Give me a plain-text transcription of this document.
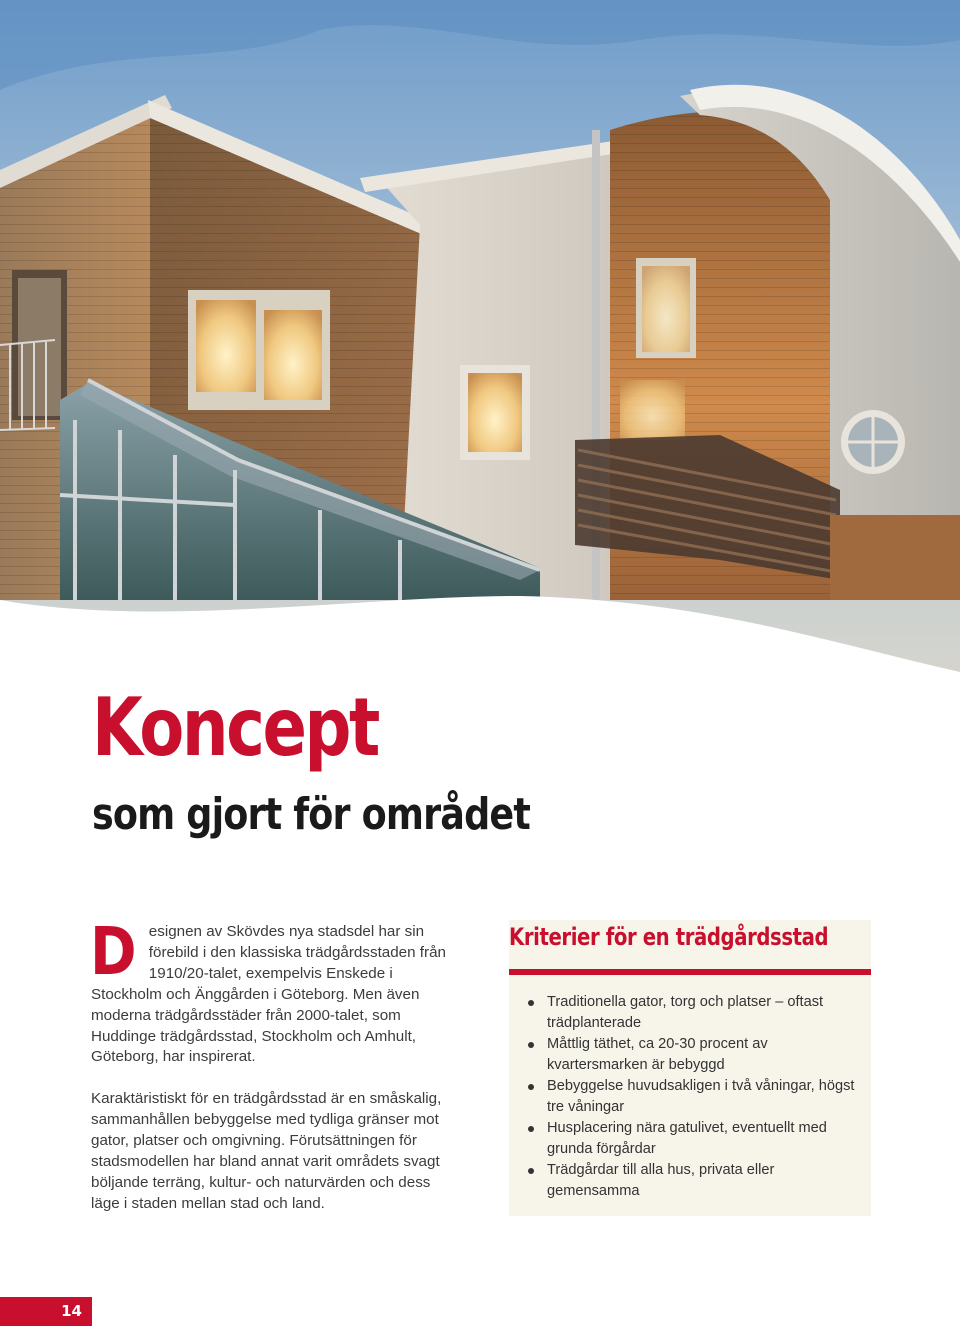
Koncept
som gjort för området

Designen av Skövdes nya stadsdel har sin förebild i den klassiska trädgårdsstaden från 1910/20-talet, exempelvis Enskede i Stockholm och Änggården i Göteborg. Men även moderna trädgårdsstäder från 2000-talet, som Huddinge trädgårdsstad, Stockholm och Amhult, Göteborg, har inspirerat.

Karaktäristiskt för en trädgårdsstad är en småskalig, sammanhållen bebyggelse med tydliga gränser mot gator, platser och omgivning. Förutsättningen för stadsmodellen har bland annat varit områdets svagt böljande terräng, kultur- och naturvärden och dess läge i staden mellan stad och land.

Kriterier för en trädgårdsstad
Traditionella gator, torg och platser – oftast trädplanterade
Måttlig täthet, ca 20-30 procent av kvartersmarken är bebyggd
Bebyggelse huvudsakligen i två våningar, högst tre våningar
Husplacering nära gatulivet, eventuellt med grunda förgårdar
Trädgårdar till alla hus, privata eller gemensamma
14
